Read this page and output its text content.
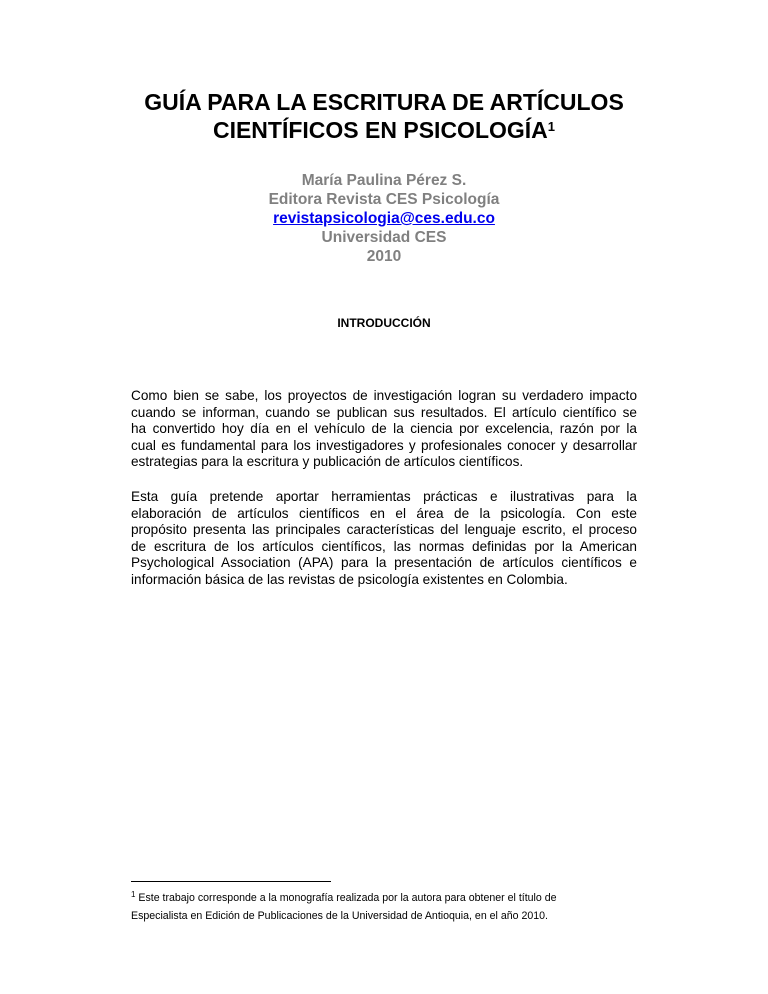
GUÍA PARA LA ESCRITURA DE ARTÍCULOS
CIENTÍFICOS EN PSICOLOGÍA$^1$
María Paulina Pérez S.
Editora Revista CES Psicología
revistapsicologia@ces.edu.co
Universidad CES
2010
INTRODUCCIÓN
Como bien se sabe, los proyectos de investigación logran su verdadero impacto
cuando se informan, cuando se publican sus resultados. El artículo científico se
ha convertido hoy día en el vehículo de la ciencia por excelencia, razón por la
cual es fundamental para los investigadores y profesionales conocer y desarrollar
estrategias para la escritura y publicación de artículos científicos.
Esta guía pretende aportar herramientas prácticas e ilustrativas para la
elaboración de artículos científicos en el área de la psicología. Con este
propósito presenta las principales características del lenguaje escrito, el proceso
de escritura de los artículos científicos, las normas definidas por la American
Psychological Association (APA) para la presentación de artículos científicos e
información básica de las revistas de psicología existentes en Colombia.
$^1$ Este trabajo corresponde a la monografía realizada por la autora para obtener el título de
Especialista en Edición de Publicaciones de la Universidad de Antioquia, en el año 2010.
